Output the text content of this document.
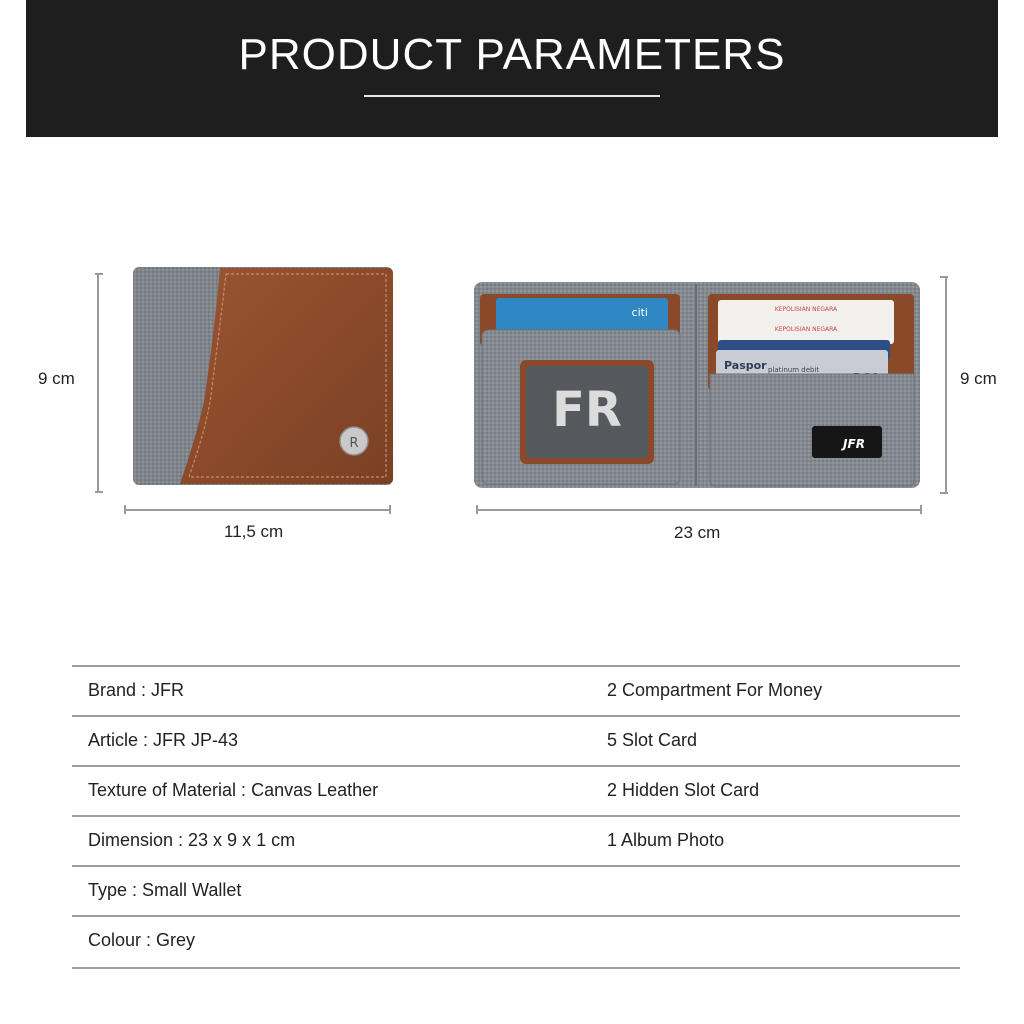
PRODUCT PARAMETERS
9 cm
11,5 cm
R
citi
FR
KEPOLISIAN NEGARA
KEPOLISIAN NEGARA
Paspor platinum debit
JFR
9 cm
23 cm
Brand : JFR	2 Compartment For Money
Article : JFR JP-43	5 Slot Card
Texture of Material : Canvas Leather	2 Hidden Slot Card
Dimension : 23 x 9 x 1 cm	1 Album Photo
Type : Small Wallet
Colour : Grey
